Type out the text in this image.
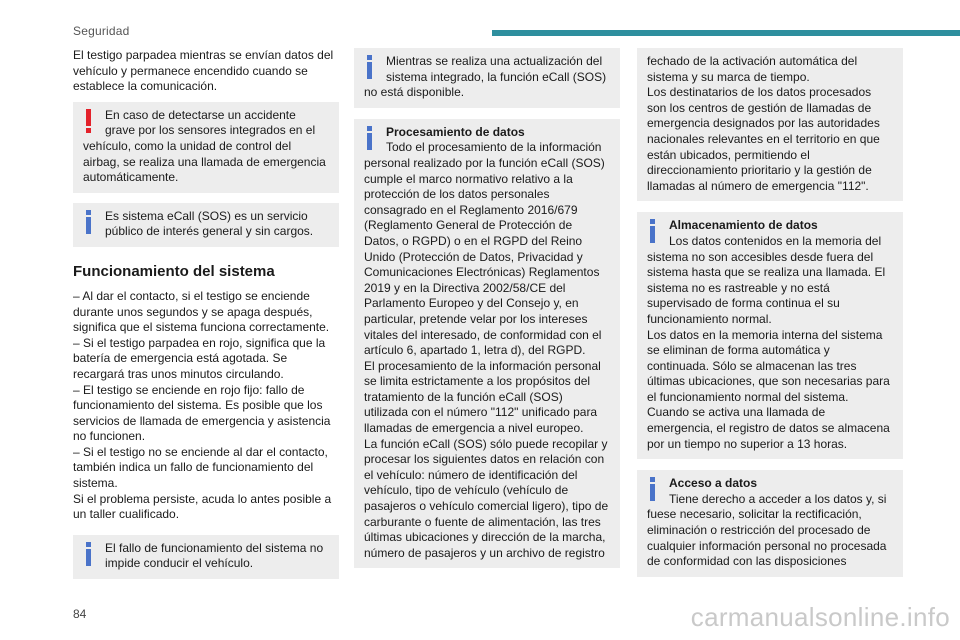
Seguridad

El testigo parpadea mientras se envían datos del vehículo y permanece encendido cuando se establece la comunicación.

En caso de detectarse un accidente grave por los sensores integrados en el vehículo, como la unidad de control del airbag, se realiza una llamada de emergencia automáticamente.
Es sistema eCall (SOS) es un servicio público de interés general y sin cargos.
Funcionamiento del sistema

– Al dar el contacto, si el testigo se enciende durante unos segundos y se apaga después, significa que el sistema funciona correctamente.
– Si el testigo parpadea en rojo, significa que la batería de emergencia está agotada. Se recargará tras unos minutos circulando.
– El testigo se enciende en rojo fijo: fallo de funcionamiento del sistema. Es posible que los servicios de llamada de emergencia y asistencia no funcionen.
– Si el testigo no se enciende al dar el contacto, también indica un fallo de funcionamiento del sistema.
Si el problema persiste, acuda lo antes posible a un taller cualificado.

El fallo de funcionamiento del sistema no impide conducir el vehículo.
Mientras se realiza una actualización del sistema integrado, la función eCall (SOS) no está disponible.
Procesamiento de datos
Todo el procesamiento de la información personal realizado por la función eCall (SOS) cumple el marco normativo relativo a la protección de los datos personales consagrado en el Reglamento 2016/679 (Reglamento General de Protección de Datos, o RGPD) o en el RGPD del Reino Unido (Protección de Datos, Privacidad y Comunicaciones Electrónicas) Reglamentos 2019 y en la Directiva 2002/58/CE del Parlamento Europeo y del Consejo y, en particular, pretende velar por los intereses vitales del interesado, de conformidad con el artículo 6, apartado 1, letra d), del RGPD.
El procesamiento de la información personal se limita estrictamente a los propósitos del tratamiento de la función eCall (SOS) utilizada con el número "112" unificado para llamadas de emergencia a nivel europeo.
La función eCall (SOS) sólo puede recopilar y procesar los siguientes datos en relación con el vehículo: número de identificación del vehículo, tipo de vehículo (vehículo de pasajeros o vehículo comercial ligero), tipo de carburante o fuente de alimentación, las tres últimas ubicaciones y dirección de la marcha, número de pasajeros y un archivo de registro
fechado de la activación automática del sistema y su marca de tiempo.
Los destinatarios de los datos procesados son los centros de gestión de llamadas de emergencia designados por las autoridades nacionales relevantes en el territorio en que están ubicados, permitiendo el direccionamiento prioritario y la gestión de llamadas al número de emergencia "112".
Almacenamiento de datos
Los datos contenidos en la memoria del sistema no son accesibles desde fuera del sistema hasta que se realiza una llamada. El sistema no es rastreable y no está supervisado de forma continua el su funcionamiento normal.
Los datos en la memoria interna del sistema se eliminan de forma automática y continuada. Sólo se almacenan las tres últimas ubicaciones, que son necesarias para el funcionamiento normal del sistema.
Cuando se activa una llamada de emergencia, el registro de datos se almacena por un tiempo no superior a 13 horas.
Acceso a datos
Tiene derecho a acceder a los datos y, si fuese necesario, solicitar la rectificación, eliminación o restricción del procesado de cualquier información personal no procesada de conformidad con las disposiciones
84	carmanualsonline.info
